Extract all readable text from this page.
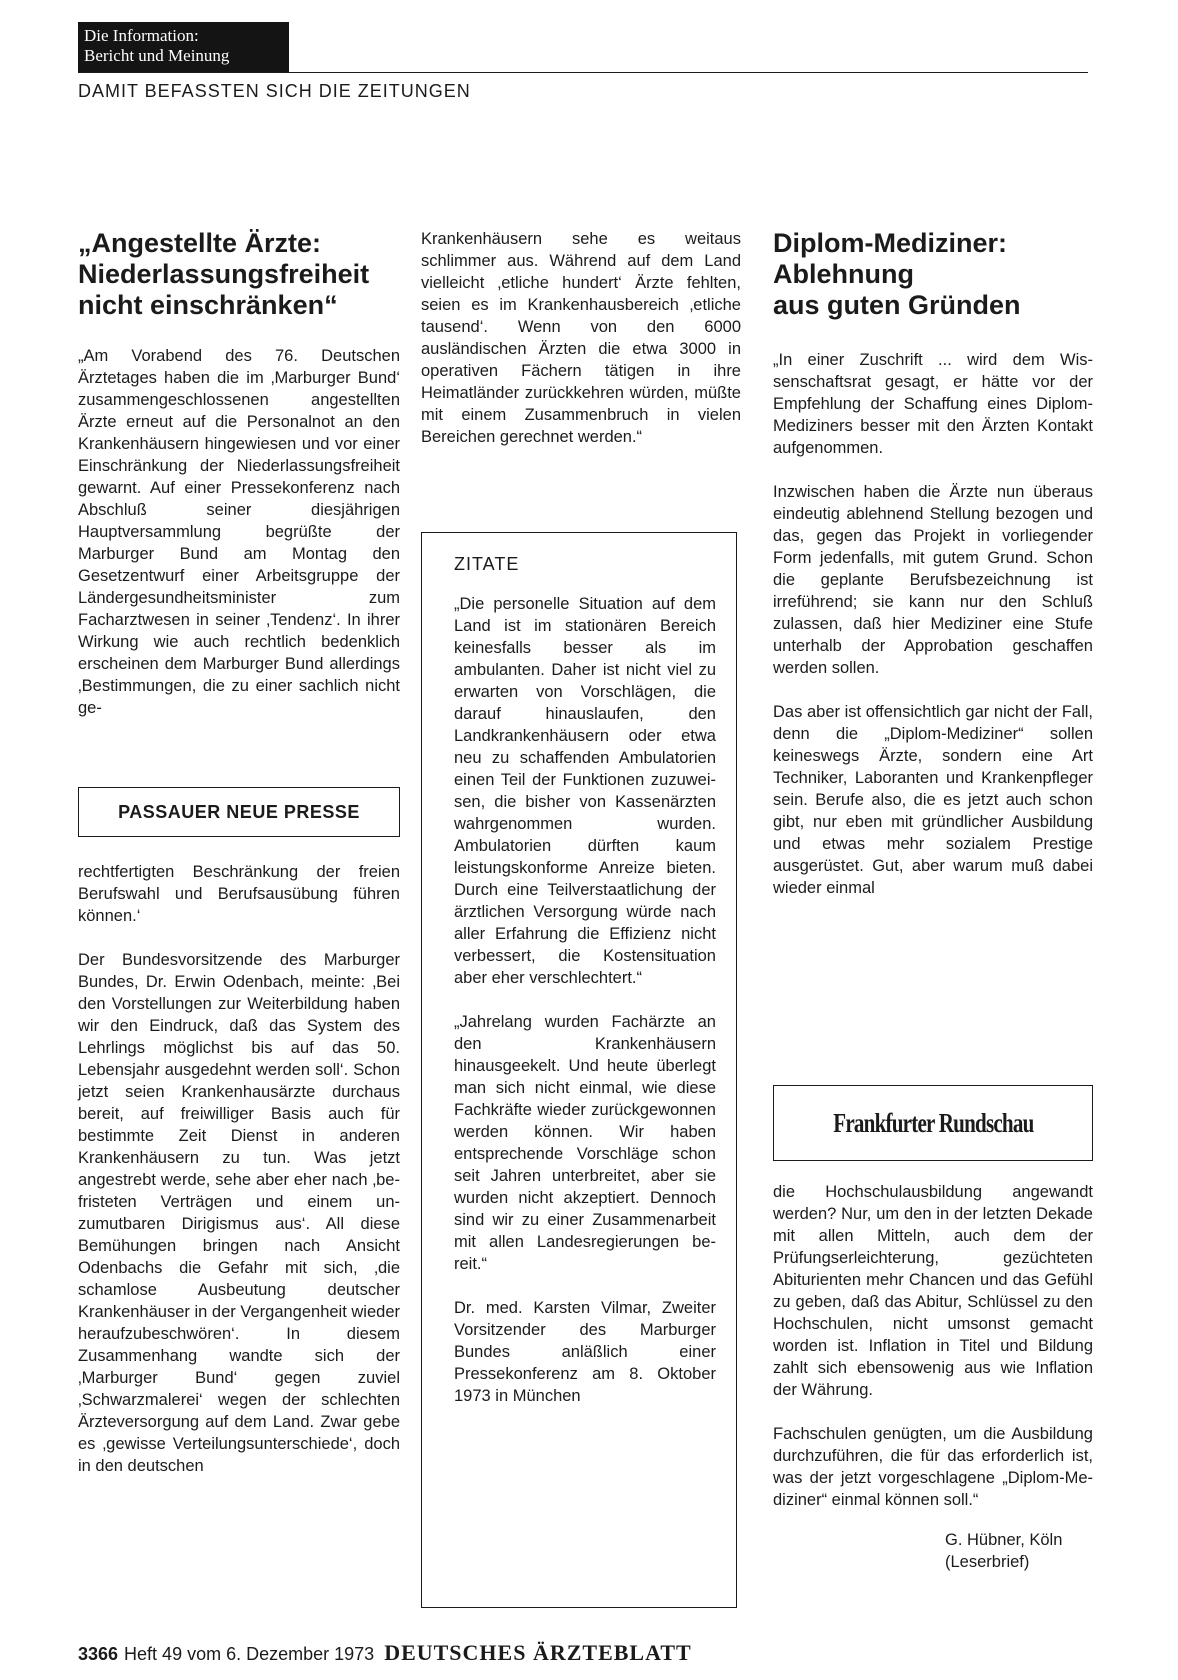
Die Information:
Bericht und Meinung
DAMIT BEFASSTEN SICH DIE ZEITUNGEN
„Angestellte Ärzte:
Niederlassungsfreiheit
nicht einschränken“

„Am Vorabend des 76. Deutschen Ärztetages haben die im ‚Marburger Bund‘ zusammengeschlossenen angestellten Ärzte erneut auf die Personalnot an den Krankenhäusern hingewiesen und vor einer Einschränkung der Niederlassungsfreiheit gewarnt. Auf einer Pressekonferenz nach Abschluß seiner diesjährigen Hauptversammlung begrüßte der Marburger Bund am Montag den Gesetzentwurf einer Arbeitsgruppe der Ländergesundheitsminister zum Facharztwesen in seiner ‚Tendenz‘. In ihrer Wirkung wie auch rechtlich bedenklich erscheinen dem Marburger Bund allerdings ‚Bestimmungen, die zu einer sachlich nicht ge-

PASSAUER NEUE PRESSE

rechtfertigten Beschränkung der freien Berufswahl und Berufsausübung führen können.‘

Der Bundesvorsitzende des Marburger Bundes, Dr. Erwin Odenbach, meinte: ‚Bei den Vorstellungen zur Weiterbildung haben wir den Eindruck, daß das System des Lehrlings möglichst bis auf das 50. Lebensjahr ausgedehnt werden soll‘. Schon jetzt seien Krankenhausärzte durchaus bereit, auf freiwilliger Basis auch für bestimmte Zeit Dienst in anderen Krankenhäusern zu tun. Was jetzt angestrebt werde, sehe aber eher nach ‚befristeten Verträgen und einem unzumutbaren Dirigismus aus‘. All diese Bemühungen bringen nach Ansicht Odenbachs die Gefahr mit sich, ‚die schamlose Ausbeutung deutscher Krankenhäuser in der Vergangenheit wieder heraufzubeschwören‘. In diesem Zusammenhang wandte sich der ‚Marburger Bund‘ gegen zuviel ‚Schwarzmalerei‘ wegen der schlechten Ärzteversorgung auf dem Land. Zwar gebe es ‚gewisse Verteilungsunterschiede‘, doch in den deutschen

Krankenhäusern sehe es weitaus schlimmer aus. Während auf dem Land vielleicht ‚etliche hundert‘ Ärzte fehlten, seien es im Krankenhausbereich ‚etliche tausend‘. Wenn von den 6000 ausländischen Ärzten die etwa 3000 in operativen Fächern tätigen in ihre Heimatländer zurückkehren würden, müßte mit einem Zusammenbruch in vielen Bereichen gerechnet werden.“

ZITATE

„Die personelle Situation auf dem Land ist im stationären Bereich keinesfalls besser als im ambulanten. Daher ist nicht viel zu erwarten von Vorschlägen, die darauf hinauslaufen, den Landkrankenhäusern oder etwa neu zu schaffenden Ambulatorien einen Teil der Funktionen zuzuweisen, die bisher von Kassenärzten wahrgenommen wurden. Ambulatorien dürften kaum leistungskonforme Anreize bieten. Durch eine Teilverstaatlichung der ärztlichen Versorgung würde nach aller Erfahrung die Effizienz nicht verbessert, die Kostensituation aber eher verschlechtert.“

„Jahrelang wurden Fachärzte an den Krankenhäusern hinausgeekelt. Und heute überlegt man sich nicht einmal, wie diese Fachkräfte wieder zurückgewonnen werden können. Wir haben entsprechende Vorschläge schon seit Jahren unterbreitet, aber sie wurden nicht akzeptiert. Dennoch sind wir zu einer Zusammenarbeit mit allen Landesregierungen bereit.“

Dr. med. Karsten Vilmar, Zweiter Vorsitzender des Marburger Bundes anläßlich einer Pressekonferenz am 8. Oktober 1973 in München

Diplom-Mediziner:
Ablehnung
aus guten Gründen

„In einer Zuschrift ... wird dem Wissenschaftsrat gesagt, er hätte vor der Empfehlung der Schaffung eines Diplom-Mediziners besser mit den Ärzten Kontakt aufgenommen.

Inzwischen haben die Ärzte nun überaus eindeutig ablehnend Stellung bezogen und das, gegen das Projekt in vorliegender Form jedenfalls, mit gutem Grund. Schon die geplante Berufsbezeichnung ist irreführend; sie kann nur den Schluß zulassen, daß hier Mediziner eine Stufe unterhalb der Approbation geschaffen werden sollen.

Das aber ist offensichtlich gar nicht der Fall, denn die „Diplom-Mediziner“ sollen keineswegs Ärzte, sondern eine Art Techniker, Laboranten und Krankenpfleger sein. Berufe also, die es jetzt auch schon gibt, nur eben mit gründlicher Ausbildung und etwas mehr sozialem Prestige ausgerüstet. Gut, aber warum muß dabei wieder einmal

Frankfurter Rundschau

die Hochschulausbildung angewandt werden? Nur, um den in der letzten Dekade mit allen Mitteln, auch dem der Prüfungserleichterung, gezüchteten Abiturienten mehr Chancen und das Gefühl zu geben, daß das Abitur, Schlüssel zu den Hochschulen, nicht umsonst gemacht worden ist. Inflation in Titel und Bildung zahlt sich ebensowenig aus wie Inflation der Währung.

Fachschulen genügten, um die Ausbildung durchzuführen, die für das erforderlich ist, was der jetzt vorgeschlagene „Diplom-Mediziner“ einmal können soll.“

G. Hübner, Köln
(Leserbrief)
3366 Heft 49 vom 6. Dezember 1973 DEUTSCHES ÄRZTEBLATT
